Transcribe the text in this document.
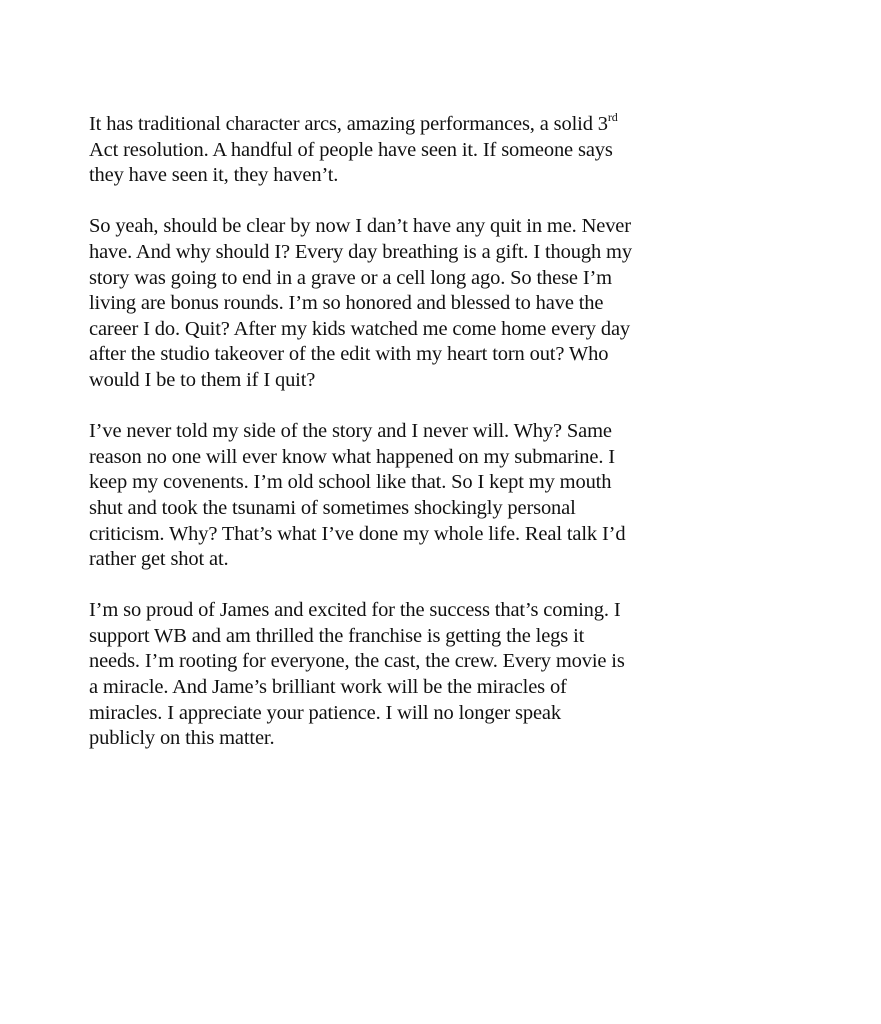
It has traditional character arcs, amazing performances, a solid 3rd
Act resolution. A handful of people have seen it. If someone says
they have seen it, they haven’t.

So yeah, should be clear by now I dan’t have any quit in me. Never
have. And why should I? Every day breathing is a gift. I though my
story was going to end in a grave or a cell long ago. So these I’m
living are bonus rounds. I’m so honored and blessed to have the
career I do. Quit? After my kids watched me come home every day
after the studio takeover of the edit with my heart torn out? Who
would I be to them if I quit?

I’ve never told my side of the story and I never will. Why? Same
reason no one will ever know what happened on my submarine. I
keep my covenents. I’m old school like that. So I kept my mouth
shut and took the tsunami of sometimes shockingly personal
criticism. Why? That’s what I’ve done my whole life. Real talk I’d
rather get shot at.

I’m so proud of James and excited for the success that’s coming. I
support WB and am thrilled the franchise is getting the legs it
needs. I’m rooting for everyone, the cast, the crew. Every movie is
a miracle. And Jame’s brilliant work will be the miracles of
miracles. I appreciate your patience. I will no longer speak
publicly on this matter.
